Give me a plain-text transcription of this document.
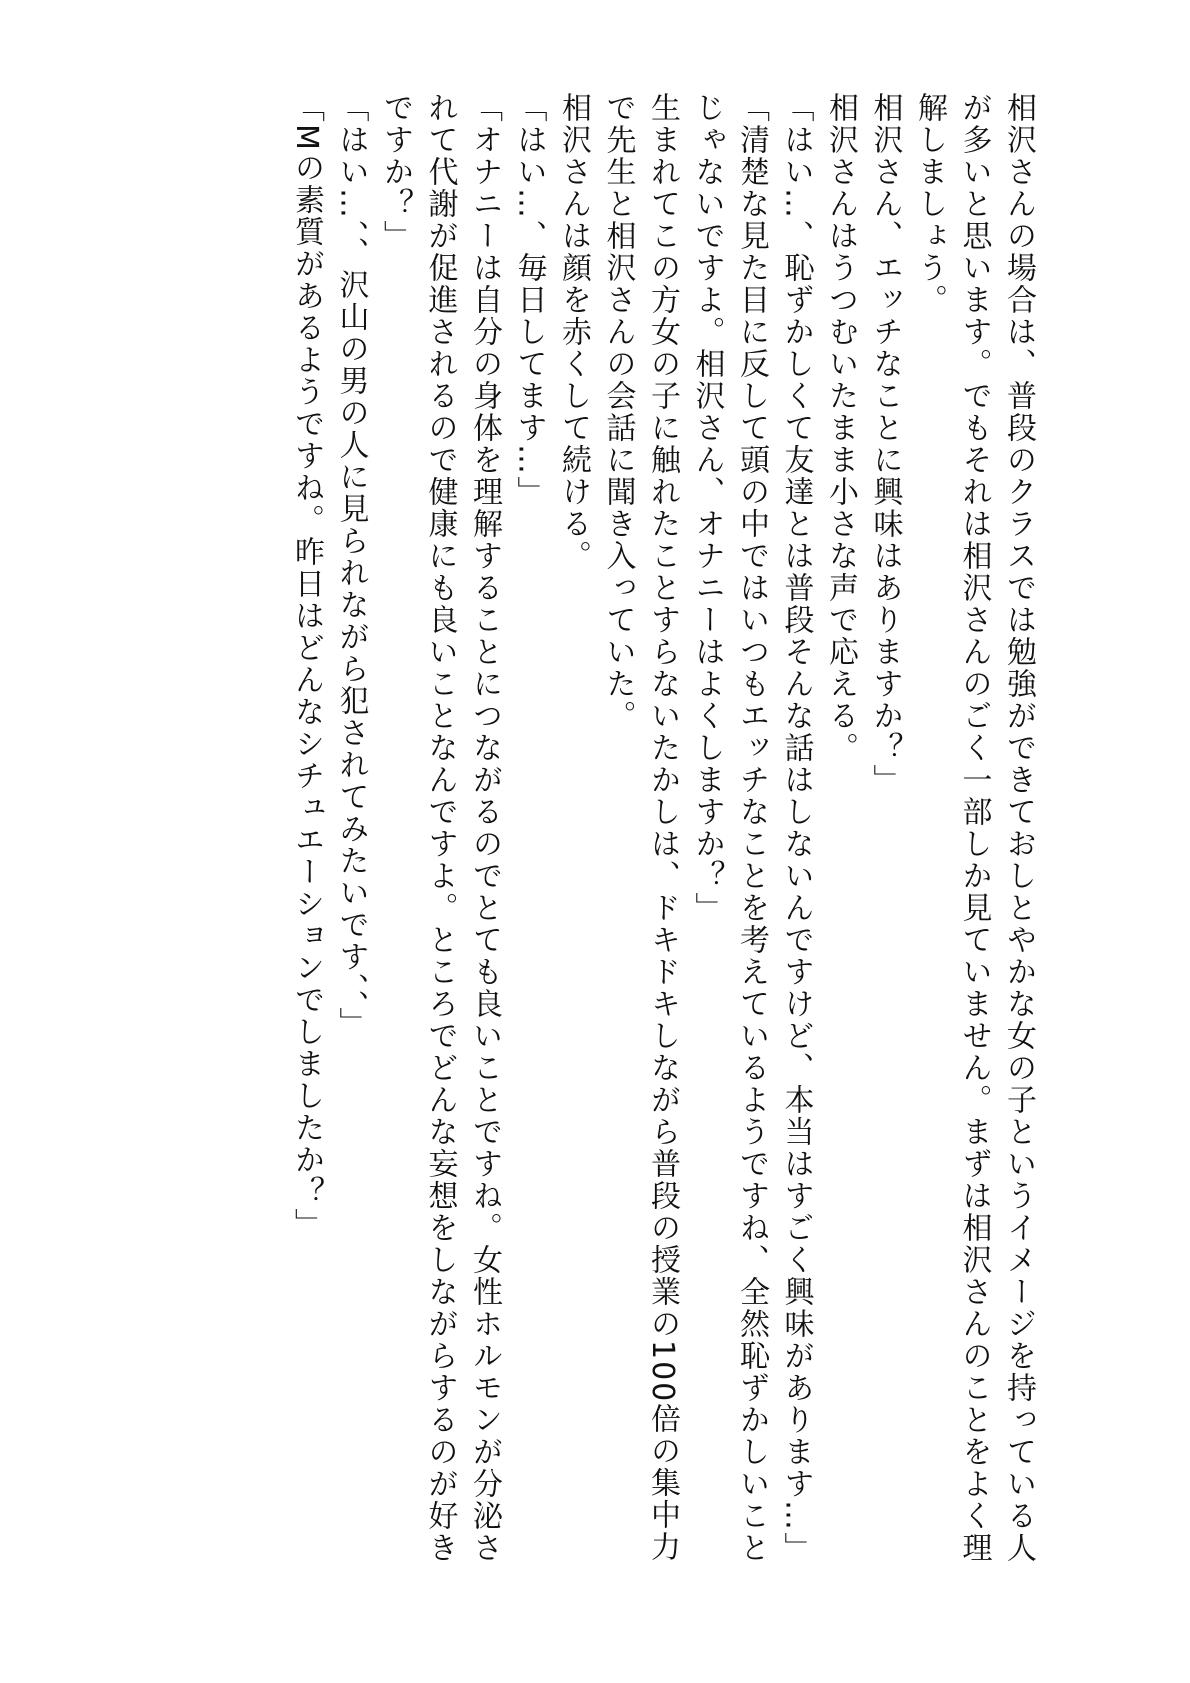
相沢さんの場合は、普段のクラスでは勉強ができておしとやかな女の子というイメージを持っている人が多いと思います。でもそれは相沢さんのごく一部しか見ていません。まずは相沢さんのことをよく理解しましょう。

相沢さん、エッチなことに興味はありますか？」

相沢さんはうつむいたまま小さな声で応える。

「はい…、恥ずかしくて友達とは普段そんな話はしないんですけど、本当はすごく興味があります…」

「清楚な見た目に反して頭の中ではいつもエッチなことを考えているようですね、全然恥ずかしいことじゃないですよ。相沢さん、オナニーはよくしますか？」

生まれてこの方女の子に触れたことすらないたかしは、ドキドキしながら普段の授業の100倍の集中力で先生と相沢さんの会話に聞き入っていた。

相沢さんは顔を赤くして続ける。

「はい…、毎日してます…」

「オナニーは自分の身体を理解することにつながるのでとても良いことですね。女性ホルモンが分泌されて代謝が促進されるので健康にも良いことなんですよ。ところでどんな妄想をしながらするのが好きですか？」

「はい…、、沢山の男の人に見られながら犯されてみたいです、、」

「Mの素質があるようですね。昨日はどんなシチュエーションでしましたか？」
